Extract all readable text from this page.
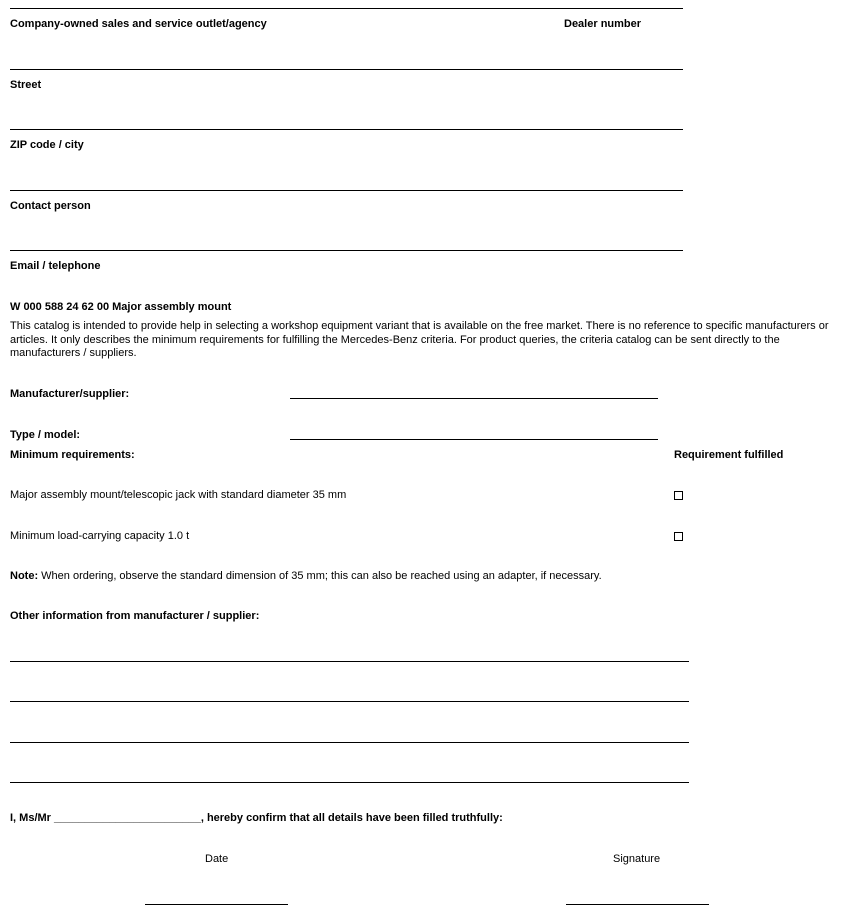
Company-owned sales and service outlet/agency	Dealer number
Street
ZIP code / city
Contact person
Email / telephone
W 000 588 24 62 00 Major assembly mount
This catalog is intended to provide help in selecting a workshop equipment variant that is available on the free market. There is no reference to specific manufacturers or articles. It only describes the minimum requirements for fulfilling the Mercedes-Benz criteria. For product queries, the criteria catalog can be sent directly to the manufacturers / suppliers.
Manufacturer/supplier:
Type / model:
Minimum requirements:	Requirement fulfilled
Major assembly mount/telescopic jack with standard diameter 35 mm
Minimum load-carrying capacity 1.0 t
Note: When ordering, observe the standard dimension of 35 mm; this can also be reached using an adapter, if necessary.
Other information from manufacturer / supplier:
I, Ms/Mr ________________________, hereby confirm that all details have been filled truthfully:
Date	Signature
